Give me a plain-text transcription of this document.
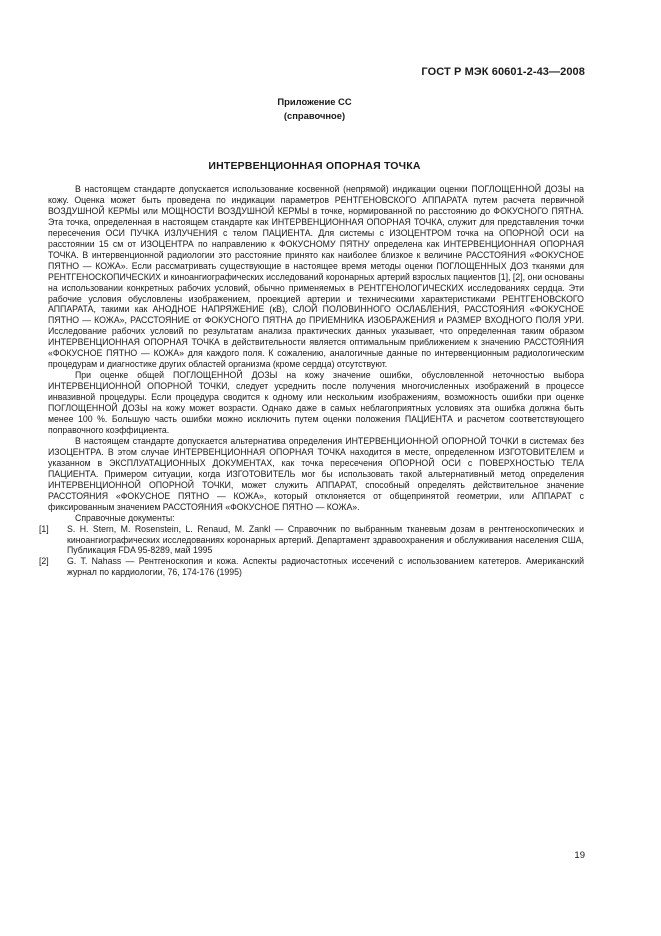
ГОСТ Р МЭК 60601-2-43—2008
Приложение СС
(справочное)
ИНТЕРВЕНЦИОННАЯ ОПОРНАЯ ТОЧКА

В настоящем стандарте допускается использование косвенной (непрямой) индикации оценки ПОГЛОЩЕННОЙ ДОЗЫ на кожу. Оценка может быть проведена по индикации параметров РЕНТГЕНОВСКОГО АППАРАТА путем расчета первичной ВОЗДУШНОЙ КЕРМЫ или МОЩНОСТИ ВОЗДУШНОЙ КЕРМЫ в точке, нормированной по расстоянию до ФОКУСНОГО ПЯТНА. Эта точка, определенная в настоящем стандарте как ИНТЕРВЕНЦИОННАЯ ОПОРНАЯ ТОЧКА, служит для представления точки пересечения ОСИ ПУЧКА ИЗЛУЧЕНИЯ с телом ПАЦИЕНТА. Для системы с ИЗОЦЕНТРОМ точка на ОПОРНОЙ ОСИ на расстоянии 15 см от ИЗОЦЕНТРА по направлению к ФОКУСНОМУ ПЯТНУ определена как ИНТЕРВЕНЦИОННАЯ ОПОРНАЯ ТОЧКА. В интервенционной радиологии это расстояние принято как наиболее близкое к величине РАССТОЯНИЯ «ФОКУСНОЕ ПЯТНО — КОЖА». Если рассматривать существующие в настоящее время методы оценки ПОГЛОЩЕННЫХ ДОЗ тканями для РЕНТГЕНОСКОПИЧЕСКИХ и киноангиографических исследований коронарных артерий взрослых пациентов [1], [2], они основаны на использовании конкретных рабочих условий, обычно применяемых в РЕНТГЕНОЛОГИЧЕСКИХ исследованиях сердца. Эти рабочие условия обусловлены изображением, проекцией артерии и техническими характеристиками РЕНТГЕНОВСКОГО АППАРАТА, такими как АНОДНОЕ НАПРЯЖЕНИЕ (кВ), СЛОЙ ПОЛОВИННОГО ОСЛАБЛЕНИЯ, РАССТОЯНИЯ «ФОКУСНОЕ ПЯТНО — КОЖА», РАССТОЯНИЕ от ФОКУСНОГО ПЯТНА до ПРИЕМНИКА ИЗОБРАЖЕНИЯ и РАЗМЕР ВХОДНОГО ПОЛЯ УРИ. Исследование рабочих условий по результатам анализа практических данных указывает, что определенная таким образом ИНТЕРВЕНЦИОННАЯ ОПОРНАЯ ТОЧКА в действительности является оптимальным приближением к значению РАССТОЯНИЯ «ФОКУСНОЕ ПЯТНО — КОЖА» для каждого поля. К сожалению, аналогичные данные по интервенционным радиологическим процедурам и диагностике других областей организма (кроме сердца) отсутствуют.

При оценке общей ПОГЛОЩЕННОЙ ДОЗЫ на кожу значение ошибки, обусловленной неточностью выбора ИНТЕРВЕНЦИОННОЙ ОПОРНОЙ ТОЧКИ, следует усреднить после получения многочисленных изображений в процессе инвазивной процедуры. Если процедура сводится к одному или нескольким изображениям, возможность ошибки при оценке ПОГЛОЩЕННОЙ ДОЗЫ на кожу может возрасти. Однако даже в самых неблагоприятных условиях эта ошибка должна быть менее 100 %. Большую часть ошибки можно исключить путем оценки положения ПАЦИЕНТА и расчетом соответствующего поправочного коэффициента.

В настоящем стандарте допускается альтернатива определения ИНТЕРВЕНЦИОННОЙ ОПОРНОЙ ТОЧКИ в системах без ИЗОЦЕНТРА. В этом случае ИНТЕРВЕНЦИОННАЯ ОПОРНАЯ ТОЧКА находится в месте, определенном ИЗГОТОВИТЕЛЕМ и указанном в ЭКСПЛУАТАЦИОННЫХ ДОКУМЕНТАХ, как точка пересечения ОПОРНОЙ ОСИ с ПОВЕРХНОСТЬЮ ТЕЛА ПАЦИЕНТА. Примером ситуации, когда ИЗГОТОВИТЕЛЬ мог бы использовать такой альтернативный метод определения ИНТЕРВЕНЦИОННОЙ ОПОРНОЙ ТОЧКИ, может служить АППАРАТ, способный определять действительное значение РАССТОЯНИЯ «ФОКУСНОЕ ПЯТНО — КОЖА», который отклоняется от общепринятой геометрии, или АППАРАТ с фиксированным значением РАССТОЯНИЯ «ФОКУСНОЕ ПЯТНО — КОЖА».

Справочные документы:

[1] S. H. Stern, M. Rosenstein, L. Renaud, M. Zankl — Справочник по выбранным тканевым дозам в рентгеноскопических и киноангиографических исследованиях коронарных артерий. Департамент здравоохранения и обслуживания населения США, Публикация FDA 95-8289, май 1995
[2] G. T. Nahass — Рентгеноскопия и кожа. Аспекты радиочастотных иссечений с использованием катетеров. Американский журнал по кардиологии, 76, 174-176 (1995)
19
